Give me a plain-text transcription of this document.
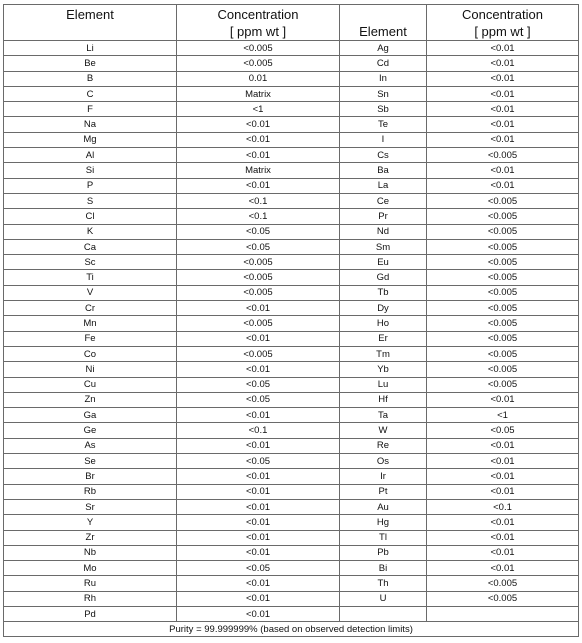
Element	Concentration		Concentration
	[ ppm wt ]	Element	[ ppm wt ]
Li	<0.005	Ag	<0.01
Be	<0.005	Cd	<0.01
B	0.01	In	<0.01
C	Matrix	Sn	<0.01
F	<1	Sb	<0.01
Na	<0.01	Te	<0.01
Mg	<0.01	I	<0.01
Al	<0.01	Cs	<0.005
Si	Matrix	Ba	<0.01
P	<0.01	La	<0.01
S	<0.1	Ce	<0.005
Cl	<0.1	Pr	<0.005
K	<0.05	Nd	<0.005
Ca	<0.05	Sm	<0.005
Sc	<0.005	Eu	<0.005
Ti	<0.005	Gd	<0.005
V	<0.005	Tb	<0.005
Cr	<0.01	Dy	<0.005
Mn	<0.005	Ho	<0.005
Fe	<0.01	Er	<0.005
Co	<0.005	Tm	<0.005
Ni	<0.01	Yb	<0.005
Cu	<0.05	Lu	<0.005
Zn	<0.05	Hf	<0.01
Ga	<0.01	Ta	<1
Ge	<0.1	W	<0.05
As	<0.01	Re	<0.01
Se	<0.05	Os	<0.01
Br	<0.01	Ir	<0.01
Rb	<0.01	Pt	<0.01
Sr	<0.01	Au	<0.1
Y	<0.01	Hg	<0.01
Zr	<0.01	Tl	<0.01
Nb	<0.01	Pb	<0.01
Mo	<0.05	Bi	<0.01
Ru	<0.01	Th	<0.005
Rh	<0.01	U	<0.005
Pd	<0.01		
Purity = 99.999999% (based on observed detection limits)			
